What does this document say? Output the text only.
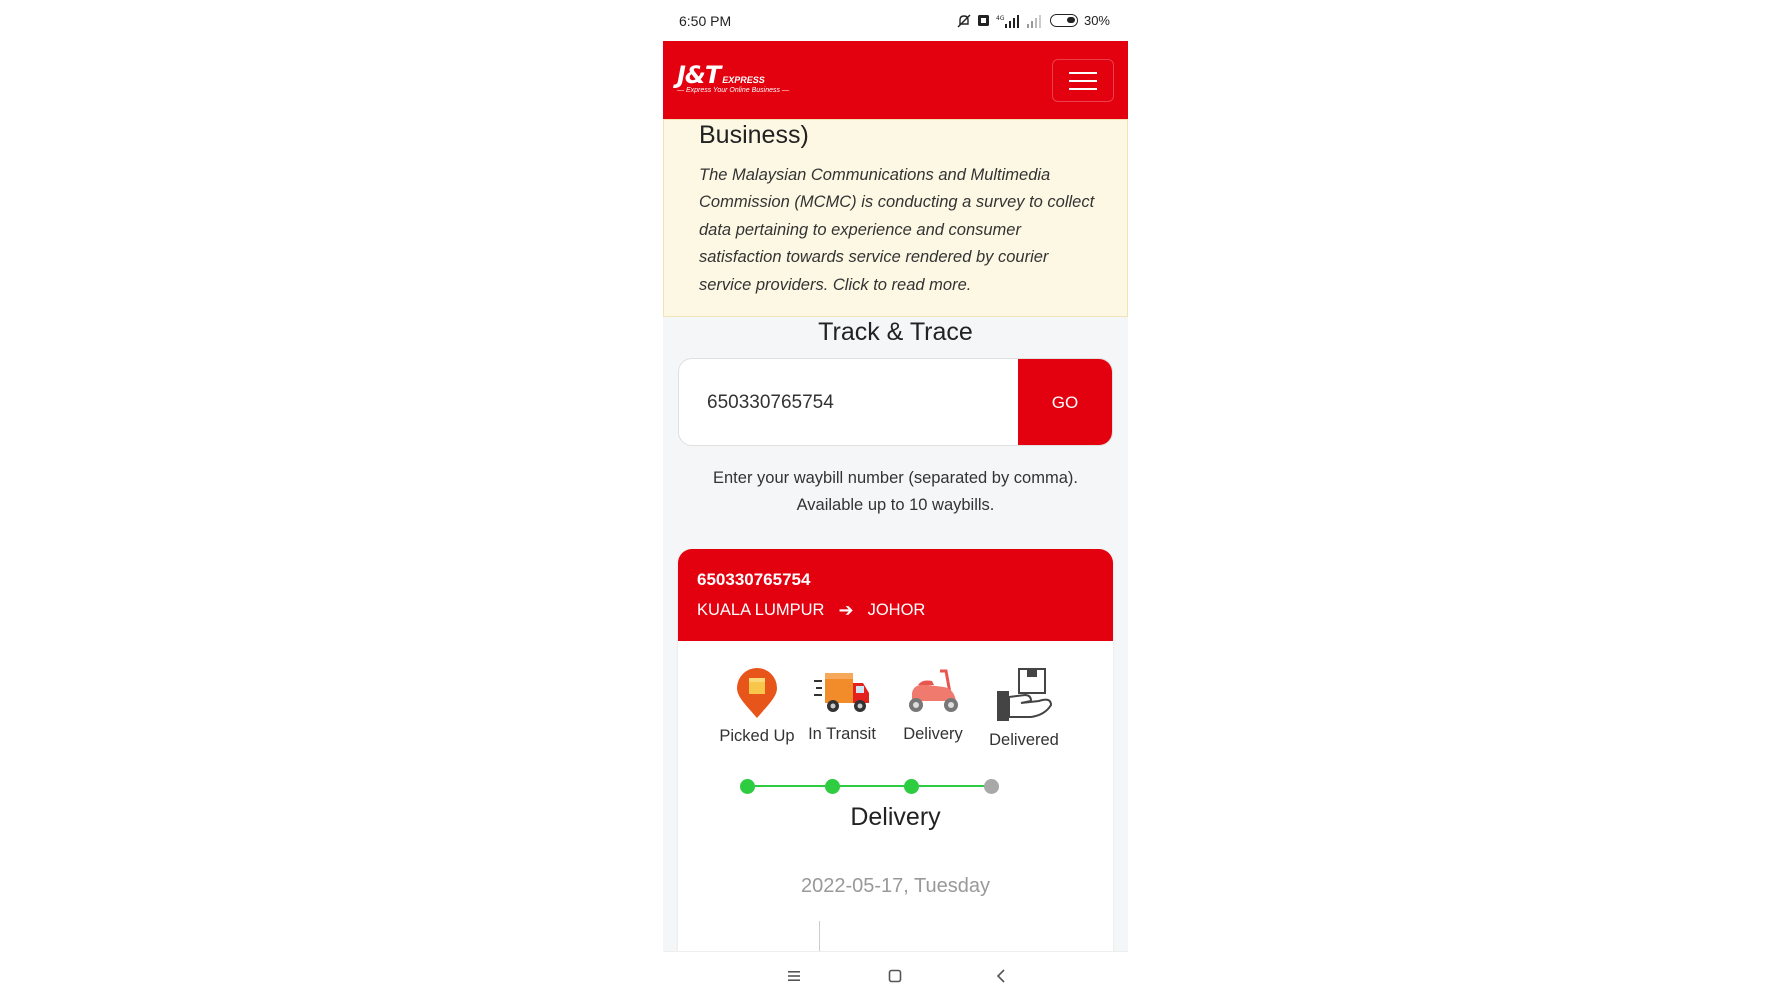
6:50 PM	4G	30%
J&T EXPRESS
— Express Your Online Business —
Business)
The Malaysian Communications and Multimedia Commission (MCMC) is conducting a survey to collect data pertaining to experience and consumer satisfaction towards service rendered by courier service providers. Click to read more.
Track & Trace
650330765754
GO
Enter your waybill number (separated by comma).
Available up to 10 waybills.
650330765754
KUALA LUMPUR ➔ JOHOR
Picked Up In Transit	Delivery	Delivered
Delivery
2022-05-17, Tuesday
